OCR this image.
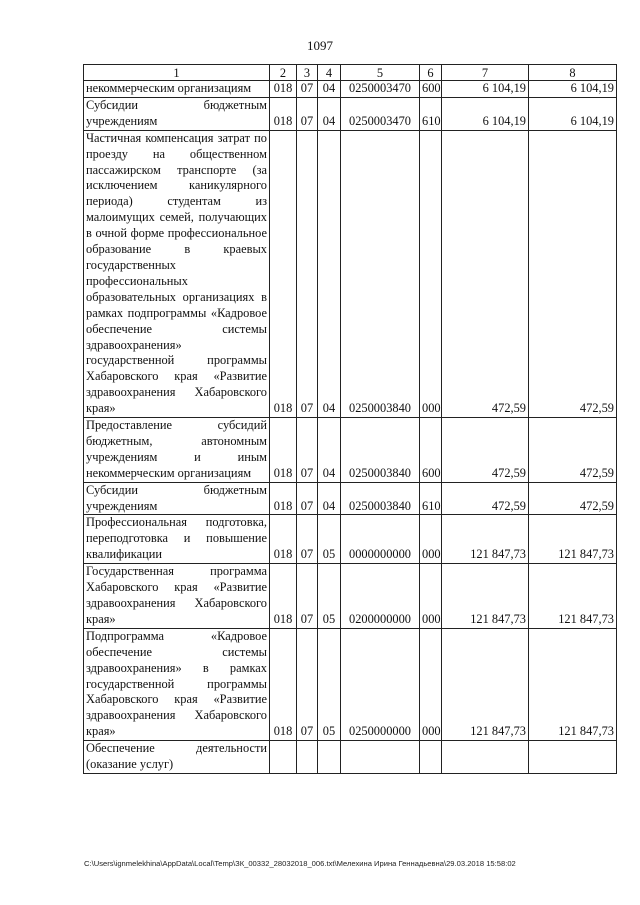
1097
1	2	3	4	5	6	7	8
некоммерческим организациям	018	07	04	0250003470	600	6 104,19	6 104,19
Субсидии бюджетным учреждениям	018	07	04	0250003470	610	6 104,19	6 104,19
Частичная компенсация затрат по проезду на общественном пассажирском транспорте (за исключением каникулярного периода) студентам из малоимущих семей, получающих в очной форме профессиональное образование в краевых государственных профессиональных образовательных организациях в рамках подпрограммы «Кадровое обеспечение системы здравоохранения» государственной программы Хабаровского края «Развитие здравоохранения Хабаровского края»	018	07	04	0250003840	000	472,59	472,59
Предоставление субсидий бюджетным, автономным учреждениям и иным некоммерческим организациям	018	07	04	0250003840	600	472,59	472,59
Субсидии бюджетным учреждениям	018	07	04	0250003840	610	472,59	472,59
Профессиональная подготовка, переподготовка и повышение квалификации	018	07	05	0000000000	000	121 847,73	121 847,73
Государственная программа Хабаровского края «Развитие здравоохранения Хабаровского края»	018	07	05	0200000000	000	121 847,73	121 847,73
Подпрограмма «Кадровое обеспечение системы здравоохранения» в рамках государственной программы Хабаровского края «Развитие здравоохранения Хабаровского края»	018	07	05	0250000000	000	121 847,73	121 847,73
Обеспечение деятельности (оказание услуг)							
C:\Users\ignmelekhina\AppData\Local\Temp\ЗК_00332_28032018_006.txt\Мелехина Ирина Геннадьевна\29.03.2018 15:58:02
